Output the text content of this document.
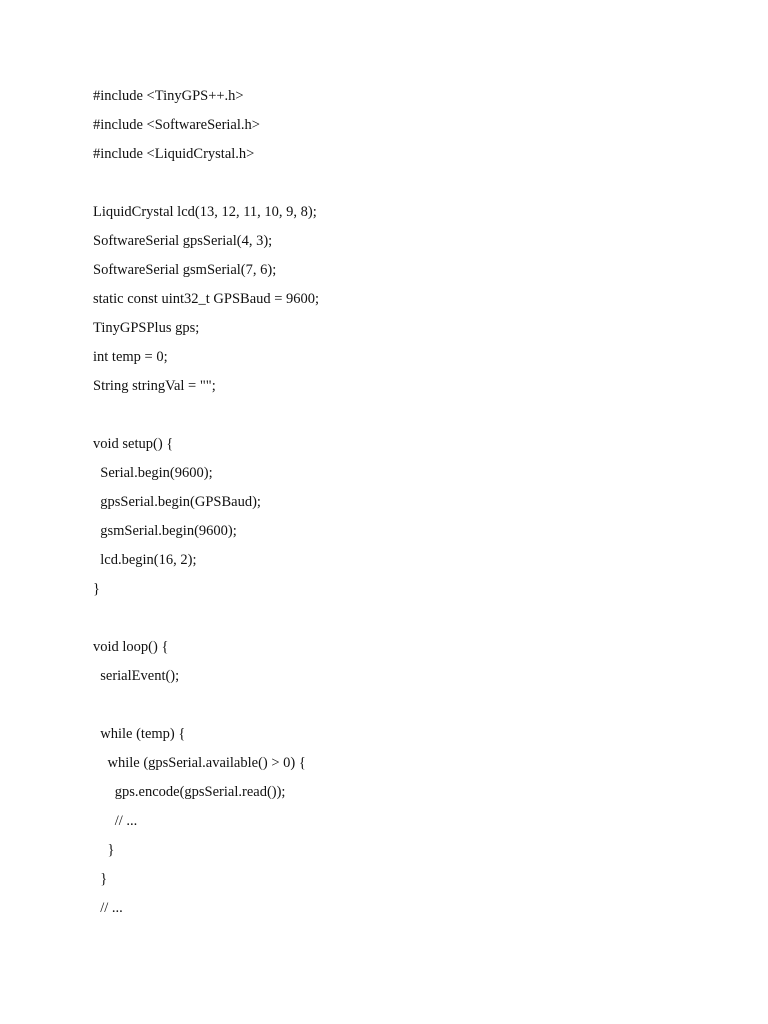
#include <TinyGPS++.h>
#include <SoftwareSerial.h>
#include <LiquidCrystal.h>
LiquidCrystal lcd(13, 12, 11, 10, 9, 8);
SoftwareSerial gpsSerial(4, 3);
SoftwareSerial gsmSerial(7, 6);
static const uint32_t GPSBaud = 9600;
TinyGPSPlus gps;
int temp = 0;
String stringVal = "";
void setup() {
Serial.begin(9600);
gpsSerial.begin(GPSBaud);
gsmSerial.begin(9600);
lcd.begin(16, 2);
}
void loop() {
serialEvent();
while (temp) {
while (gpsSerial.available() > 0) {
gps.encode(gpsSerial.read());
// ...
}
}
// ...
